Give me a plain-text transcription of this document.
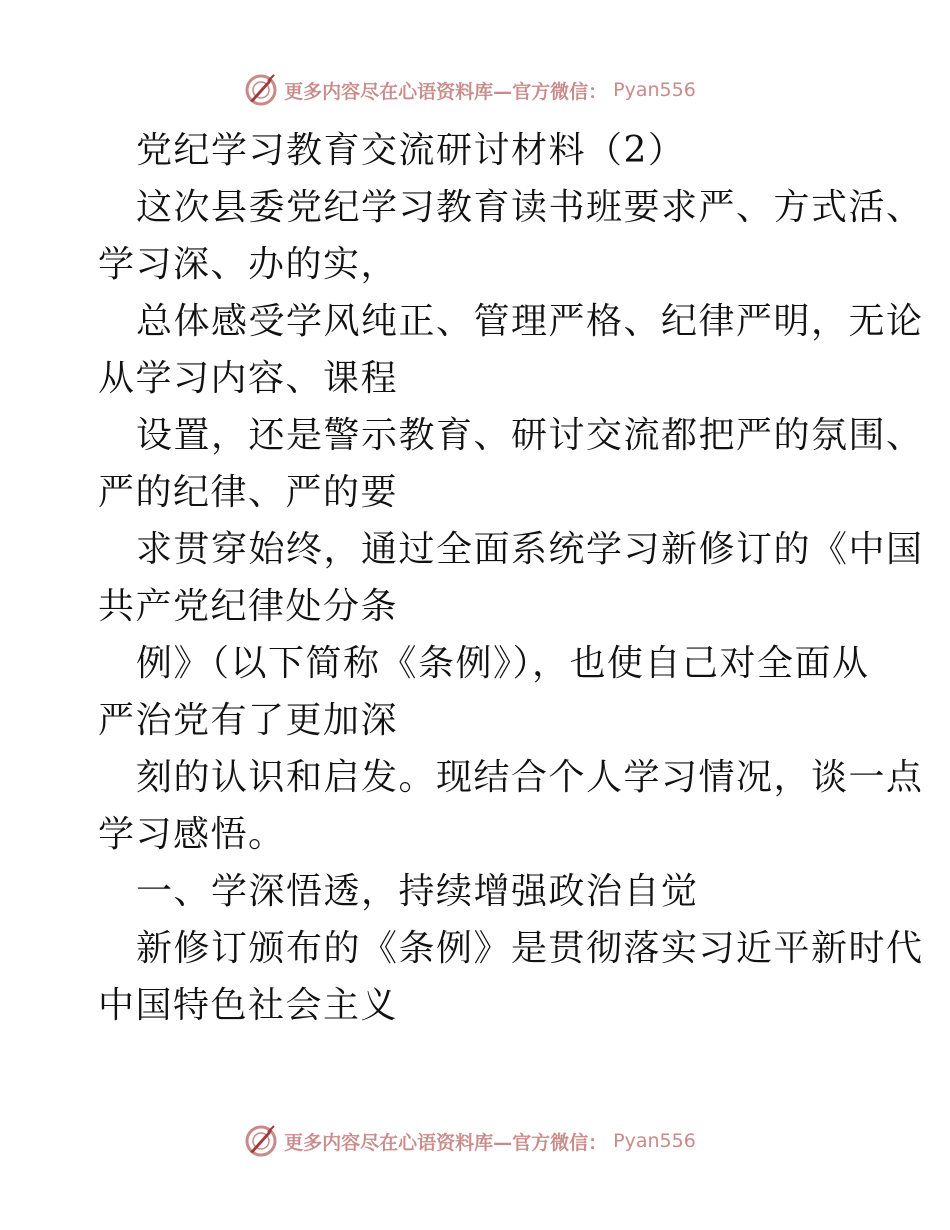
更多内容尽在心语资料库—官方微信： Pyan556
党纪学习教育交流研讨材料（2）
这次县委党纪学习教育读书班要求严、方式活、
学习深、办的实，
总体感受学风纯正、管理严格、纪律严明，无论
从学习内容、课程
设置，还是警示教育、研讨交流都把严的氛围、
严的纪律、严的要
求贯穿始终，通过全面系统学习新修订的《中国
共产党纪律处分条
例》（以下简称《条例》），也使自己对全面从
严治党有了更加深
刻的认识和启发。现结合个人学习情况，谈一点
学习感悟。
一、学深悟透，持续增强政治自觉
新修订颁布的《条例》是贯彻落实习近平新时代
中国特色社会主义
更多内容尽在心语资料库—官方微信： Pyan556
